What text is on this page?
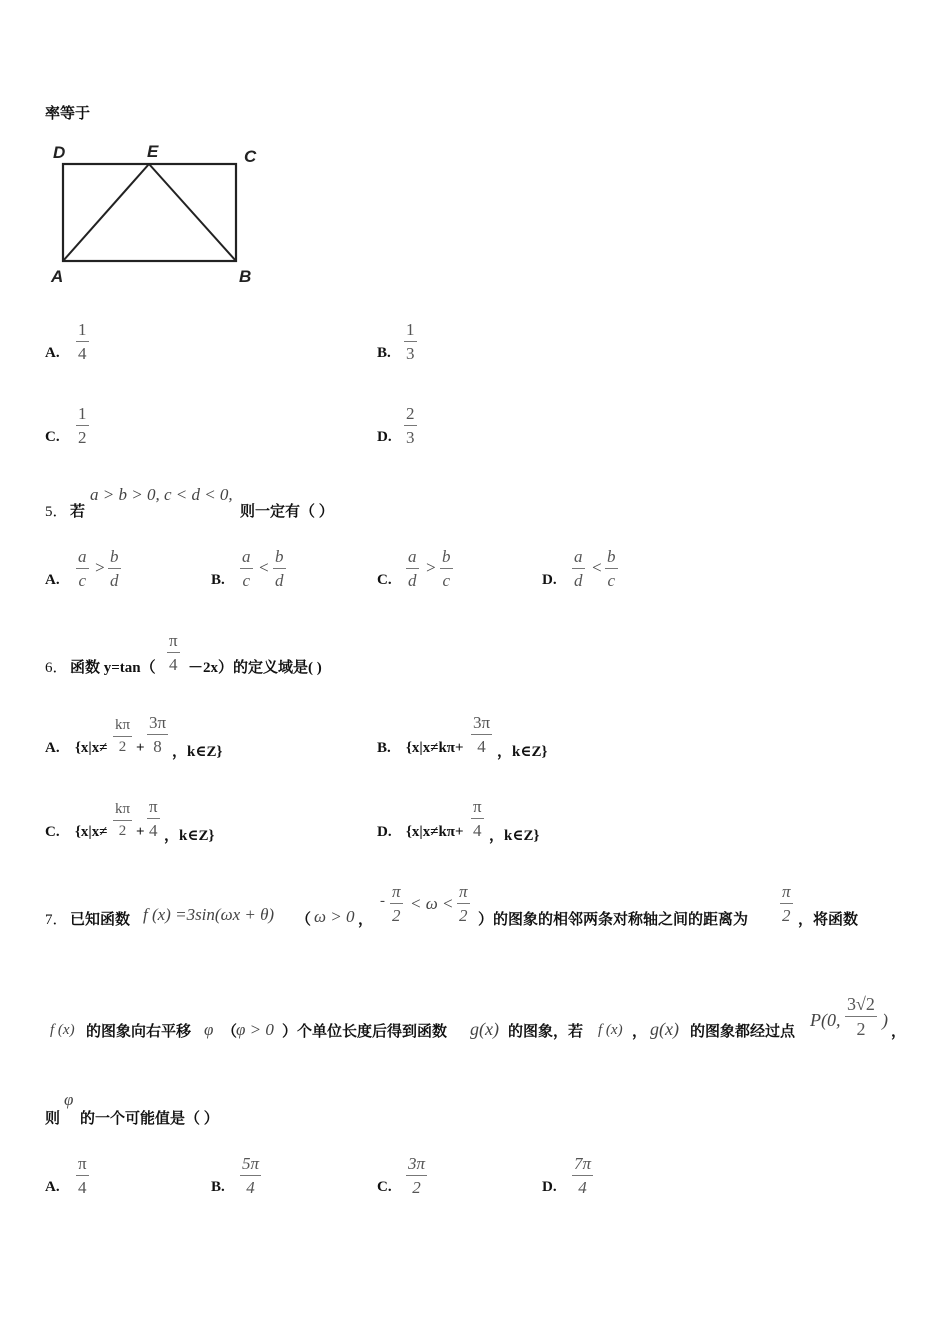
率等于
D	E	C
A	B
A.
1
4	B.
1
3
C.
1
2	D.
2
3
5． 若
a > b > 0, c < d < 0,
则一定有（ ）
A.
a
c
>
b
d	B.
a
c
<
b
d	C.
a
d
>
b
c	D.
a
d
<
b
c
6． 函数 y=tan（
π
4 －2x）的定义域是( )
A. {x|x≠
kπ
2 +
3π
8 ，k∈Z}	B. {x|x≠kπ+
3π
4 ，k∈Z}
C. {x|x≠
kπ
2 +
π
4 ，k∈Z}	D. {x|x≠kπ+
π
4 ，k∈Z}
7． 已知函数 f (x) =3sin(ωx + θ) （ ω > 0 ，
- π
2
< ω <
π
2 ）的图象的相邻两条对称轴之间的距离为
π
2 ，将函数
f (x) 的图象向右平移 φ （
φ > 0 ）个单位长度后得到函数 g(x) 的图象，若 f (x) ， g(x) 的图象都经过点
P(0,
3√2
2 )
，
则
φ
的一个可能值是（ ）
A.
π
4	B.
5π
4	C.
3π
2	D.
7π
4
